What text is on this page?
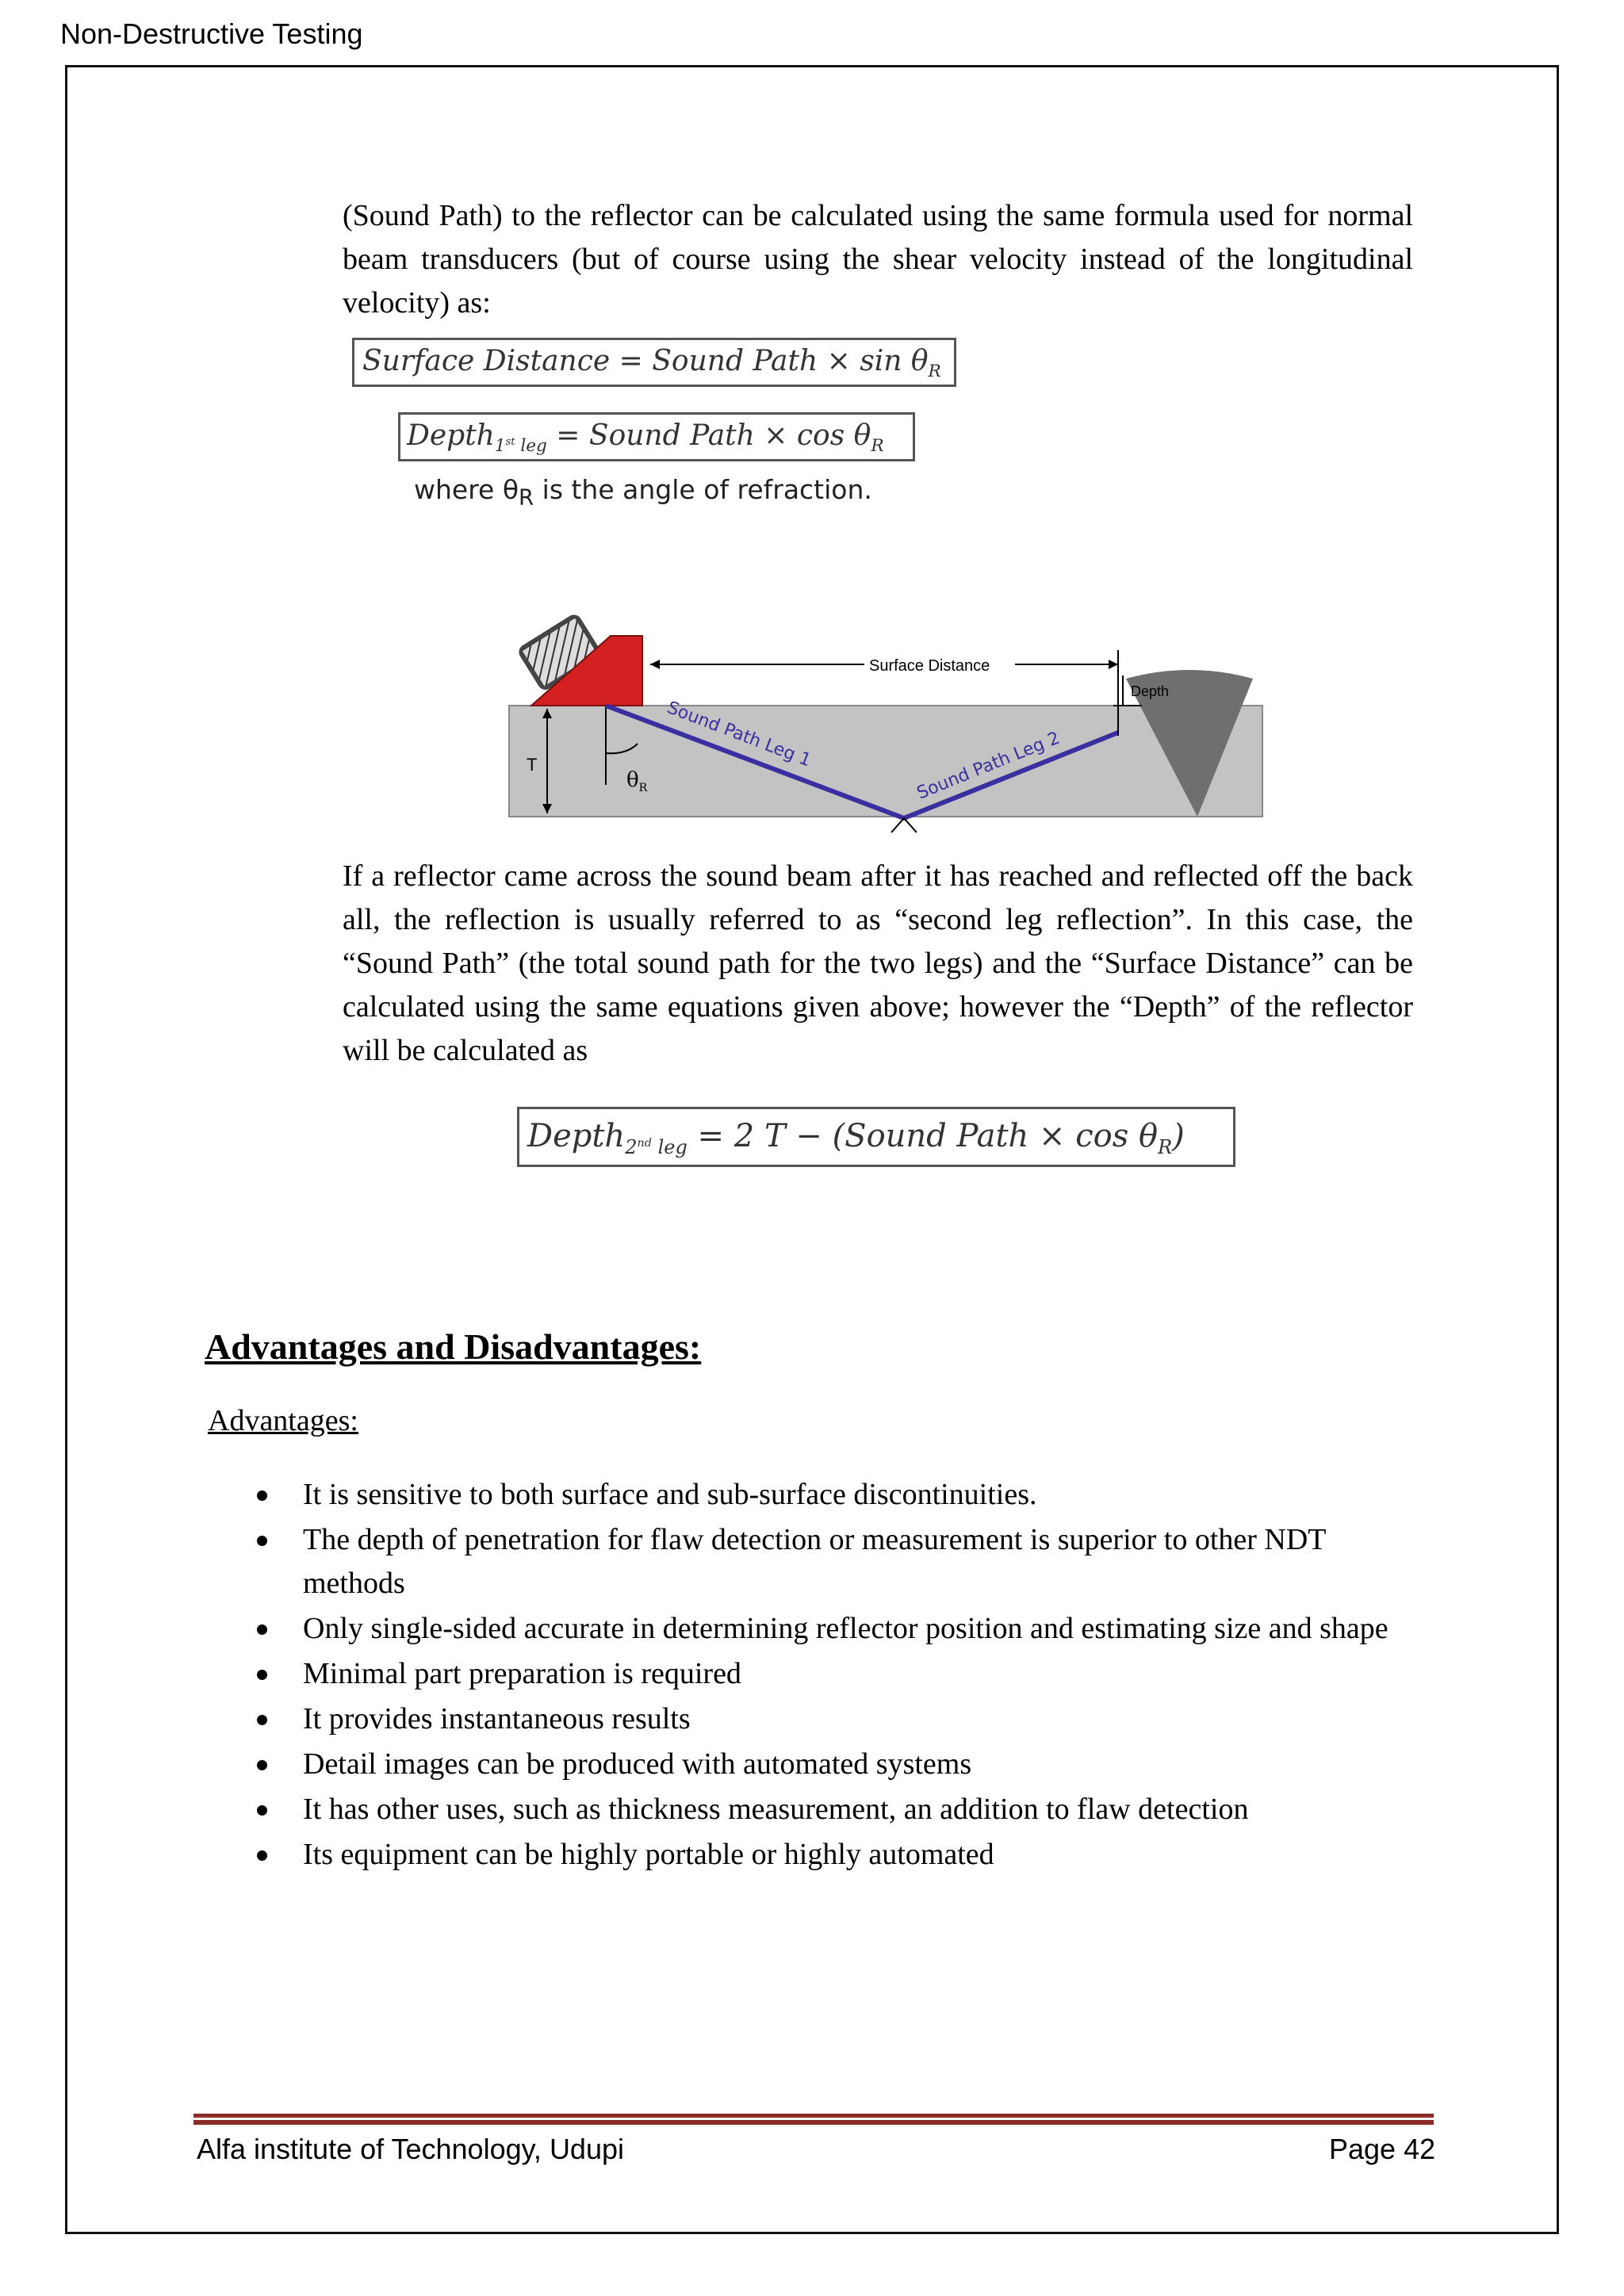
Non-Destructive Testing

(Sound Path) to the reflector can be calculated using the same formula used for normal beam transducers (but of course using the shear velocity instead of the longitudinal velocity) as:

Surface Distance = Sound Path × $\sin \theta_R$
Depth$_{1^{st} leg}$ = Sound Path × $\cos \theta_R$
where $\theta_R$ is the angle of refraction.
T
$\theta_R$
Sound Path Leg 1	Sound Path Leg 2
Surface Distance
Depth

If a reflector came across the sound beam after it has reached and reflected off the back all, the reflection is usually referred to as “second leg reflection”. In this case, the “Sound Path” (the total sound path for the two legs) and the “Surface Distance” can be calculated using the same equations given above; however the “Depth” of the reflector will be calculated as

Depth$_{2^{nd} leg}$ = 2 T − (Sound Path × $\cos \theta_R$)
Advantages and Disadvantages:
Advantages:
It is sensitive to both surface and sub-surface discontinuities.
The depth of penetration for flaw detection or measurement is superior to other NDT methods
Only single-sided accurate in determining reflector position and estimating size and shape
Minimal part preparation is required
It provides instantaneous results
Detail images can be produced with automated systems
It has other uses, such as thickness measurement, an addition to flaw detection
Its equipment can be highly portable or highly automated
Alfa institute of Technology, Udupi	Page 42
